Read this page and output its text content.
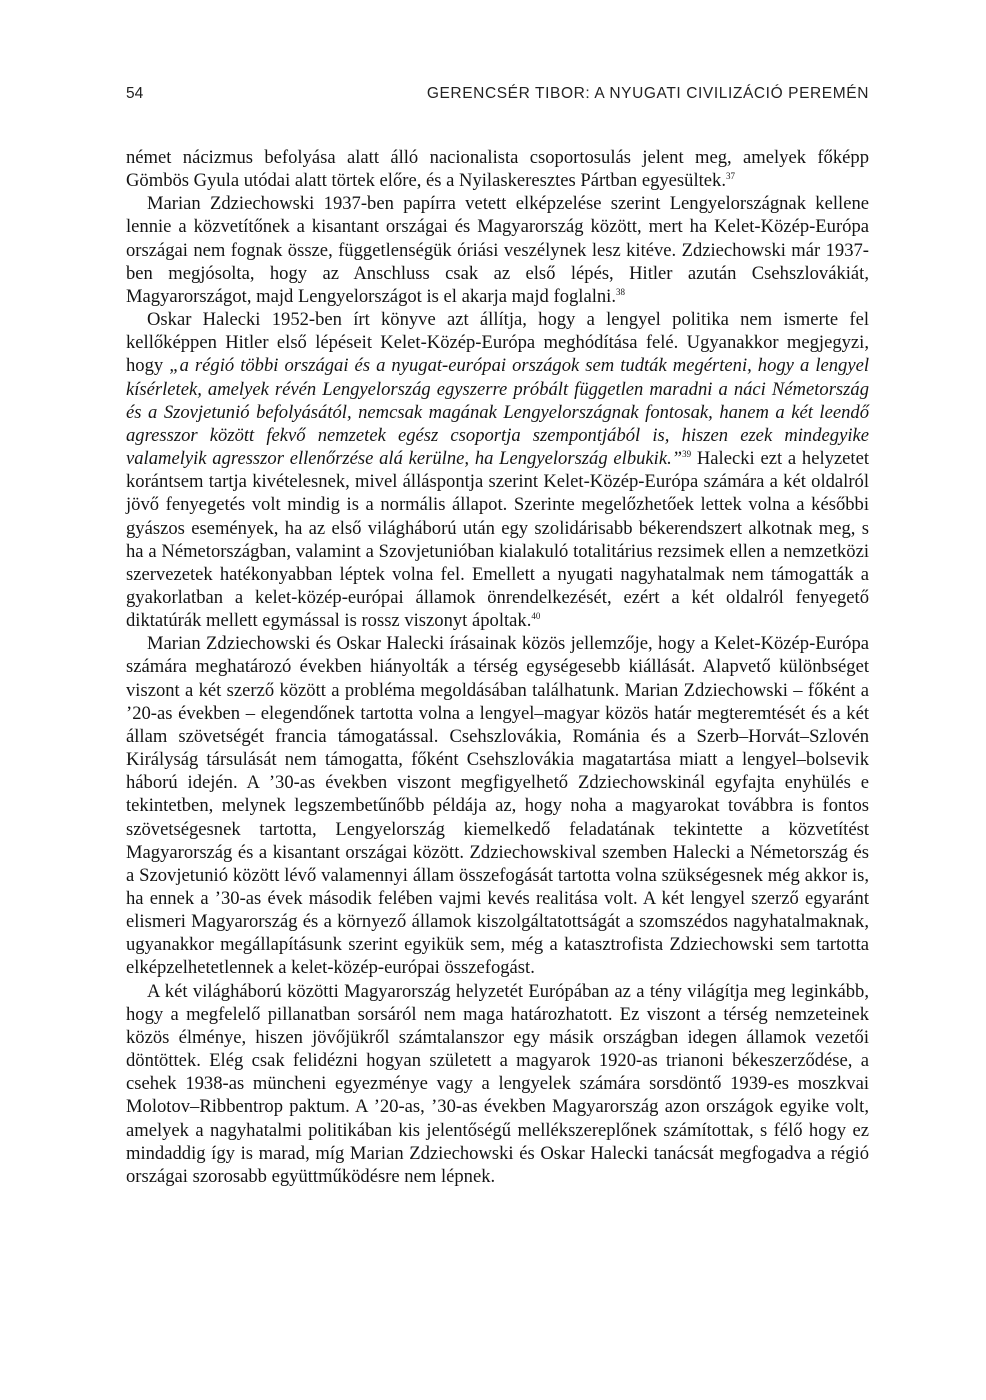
54	GERENCSÉR TIBOR: A NYUGATI CIVILIZÁCIÓ PEREMÉN

német nácizmus befolyása alatt álló nacionalista csoportosulás jelent meg, amelyek főképp Gömbös Gyula utódai alatt törtek előre, és a Nyilaskeresztes Pártban egyesültek.$^{37}$

Marian Zdziechowski 1937-ben papírra vetett elképzelése szerint Lengyelországnak kellene lennie a közvetítőnek a kisantant országai és Magyarország között, mert ha Kelet-Közép-Európa országai nem fognak össze, függetlenségük óriási veszélynek lesz kitéve. Zdziechowski már 1937-ben megjósolta, hogy az Anschluss csak az első lépés, Hitler azután Csehszlovákiát, Magyarországot, majd Lengyelországot is el akarja majd foglalni.$^{38}$

Oskar Halecki 1952-ben írt könyve azt állítja, hogy a lengyel politika nem ismerte fel kellőképpen Hitler első lépéseit Kelet-Közép-Európa meghódítása felé. Ugyanakkor megjegyzi, hogy „a régió többi országai és a nyugat-európai országok sem tudták megérteni, hogy a lengyel kísérletek, amelyek révén Lengyelország egyszerre próbált független maradni a náci Németország és a Szovjetunió befolyásától, nemcsak magának Lengyelországnak fontosak, hanem a két leendő agresszor között fekvő nemzetek egész csoportja szempontjából is, hiszen ezek mindegyike valamelyik agresszor ellenőrzése alá kerülne, ha Lengyelország elbukik.”$^{39}$ Halecki ezt a helyzetet korántsem tartja kivételesnek, mivel álláspontja szerint Kelet-Közép-Európa számára a két oldalról jövő fenyegetés volt mindig is a normális állapot. Szerinte megelőzhetőek lettek volna a későbbi gyászos események, ha az első világháború után egy szolidárisabb békerendszert alkotnak meg, s ha a Németországban, valamint a Szovjetunióban kialakuló totalitárius rezsimek ellen a nemzetközi szervezetek hatékonyabban léptek volna fel. Emellett a nyugati nagyhatalmak nem támogatták a gyakorlatban a kelet-közép-európai államok önrendelkezését, ezért a két oldalról fenyegető diktatúrák mellett egymással is rossz viszonyt ápoltak.$^{40}$

Marian Zdziechowski és Oskar Halecki írásainak közös jellemzője, hogy a Kelet-Közép-Európa számára meghatározó években hiányolták a térség egységesebb kiállását. Alapvető különbséget viszont a két szerző között a probléma megoldásában találhatunk. Marian Zdziechowski – főként a ’20-as években – elegendőnek tartotta volna a lengyel–magyar közös határ megteremtését és a két állam szövetségét francia támogatással. Csehszlovákia, Románia és a Szerb–Horvát–Szlovén Királyság társulását nem támogatta, főként Csehszlovákia magatartása miatt a lengyel–bolsevik háború idején. A ’30-as években viszont megfigyelhető Zdziechowskinál egyfajta enyhülés e tekintetben, melynek legszembetűnőbb példája az, hogy noha a magyarokat továbbra is fontos szövetségesnek tartotta, Lengyelország kiemelkedő feladatának tekintette a közvetítést Magyarország és a kisantant országai között. Zdziechowskival szemben Halecki a Németország és a Szovjetunió között lévő valamennyi állam összefogását tartotta volna szükségesnek még akkor is, ha ennek a ’30-as évek második felében vajmi kevés realitása volt. A két lengyel szerző egyaránt elismeri Magyarország és a környező államok kiszolgáltatottságát a szomszédos nagyhatalmaknak, ugyanakkor megállapításunk szerint egyikük sem, még a katasztrofista Zdziechowski sem tartotta elképzelhetetlennek a kelet-közép-európai összefogást.

A két világháború közötti Magyarország helyzetét Európában az a tény világítja meg leginkább, hogy a megfelelő pillanatban sorsáról nem maga határozhatott. Ez viszont a térség nemzeteinek közös élménye, hiszen jövőjükről számtalanszor egy másik országban idegen államok vezetői döntöttek. Elég csak felidézni hogyan született a magyarok 1920-as trianoni békeszerződése, a csehek 1938-as müncheni egyezménye vagy a lengyelek számára sorsdöntő 1939-es moszkvai Molotov–Ribbentrop paktum. A ’20-as, ’30-as években Magyarország azon országok egyike volt, amelyek a nagyhatalmi politikában kis jelentőségű mellékszereplőnek számítottak, s félő hogy ez mindaddig így is marad, míg Marian Zdziechowski és Oskar Halecki tanácsát megfogadva a régió országai szorosabb együttműködésre nem lépnek.
